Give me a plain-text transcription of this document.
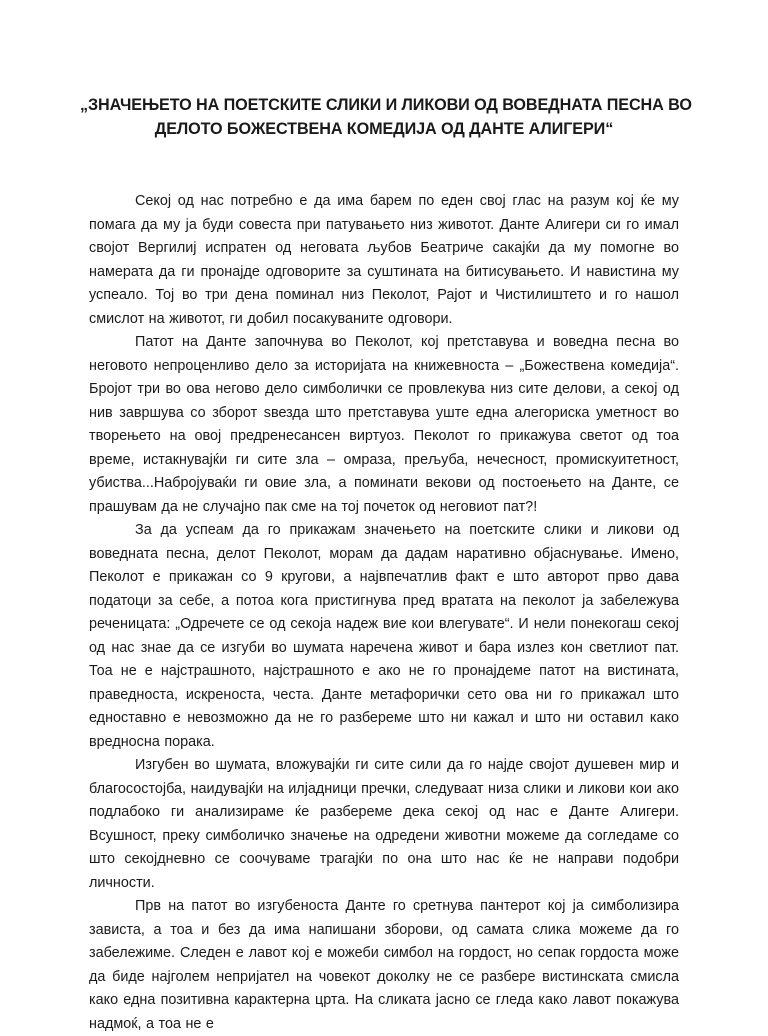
„ЗНАЧЕЊЕТО НА ПОЕТСКИТЕ СЛИКИ И ЛИКОВИ ОД ВОВЕДНАТА ПЕСНА ВО
ДЕЛОТО БОЖЕСТВЕНА КОМЕДИЈА ОД ДАНТЕ АЛИГЕРИ“

Секој од нас потребно е да има барем по еден свој глас на разум кој ќе му помага да му ја буди совеста при патувањето низ животот. Данте Алигери си го имал својот Вергилиј испратен од неговата љубов Беатриче сакајќи да му помогне во намерата да ги пронајде одговорите за суштината на битисувањето. И навистина му успеало. Тој во три дена поминал низ Пеколот, Рајот и Чистилиштето и го нашол смислот на животот, ги добил посакуваните одговори.

Патот на Данте започнува во Пеколот, кој претставува и воведна песна во неговото непроценливо дело за историјата на книжевноста – „Божествена комедија“. Бројот три во ова негово дело симболички се провлекува низ сите делови, а секој од нив завршува со зборот ѕвезда што претставува уште една алегориска уметност во творењето на овој предренесансен виртуоз. Пеколот го прикажува светот од тоа време, истакнувајќи ги сите зла – омраза, прељуба, нечесност, промискуитетност, убиства...Набројуваќи ги овие зла, а поминати векови од постоењето на Данте, се прашувам да не случајно пак сме на тој почеток од неговиот пат?!

За да успеам да го прикажам значењето на поетските слики и ликови од воведната песна, делот Пеколот, морам да дадам наративно објаснување. Имено, Пеколот е прикажан со 9 кругови, а највпечатлив факт е што авторот прво дава податоци за себе, а потоа кога пристигнува пред вратата на пеколот ја забележува реченицата: „Одречете се од секоја надеж вие кои влегувате“. И нели понекогаш секој од нас знае да се изгуби во шумата наречена живот и бара излез кон светлиот пат. Тоа не е најстрашното, најстрашното е ако не го пронајдеме патот на вистината, праведноста, искреноста, честа. Данте метафорички сето ова ни го прикажал што едноставно е невозможно да не го разбереме што ни кажал и што ни оставил како вредносна порака.

Изгубен во шумата, вложувајќи ги сите сили да го најде својот душевен мир и благосостојба, наидувајќи на илјадници пречки, следуваат низа слики и ликови кои ако подлабоко ги анализираме ќе разбереме дека секој од нас е Данте Алигери. Всушност, преку симболичко значење на одредени животни можеме да согледаме со што секојдневно се соочуваме трагајќи по она што нас ќе не направи подобри личности.

Прв на патот во изгубеноста Данте го сретнува пантерот кој ја симболизира зависта, а тоа и без да има напишани зборови, од самата слика можеме да го забележиме. Следен е лавот кој е можеби симбол на гордост, но сепак гордоста може да биде најголем непријател на човекот доколку не се разбере вистинската смисла како една позитивна карактерна црта. На сликата јасно се гледа како лавот покажува надмоќ, а тоа не е
